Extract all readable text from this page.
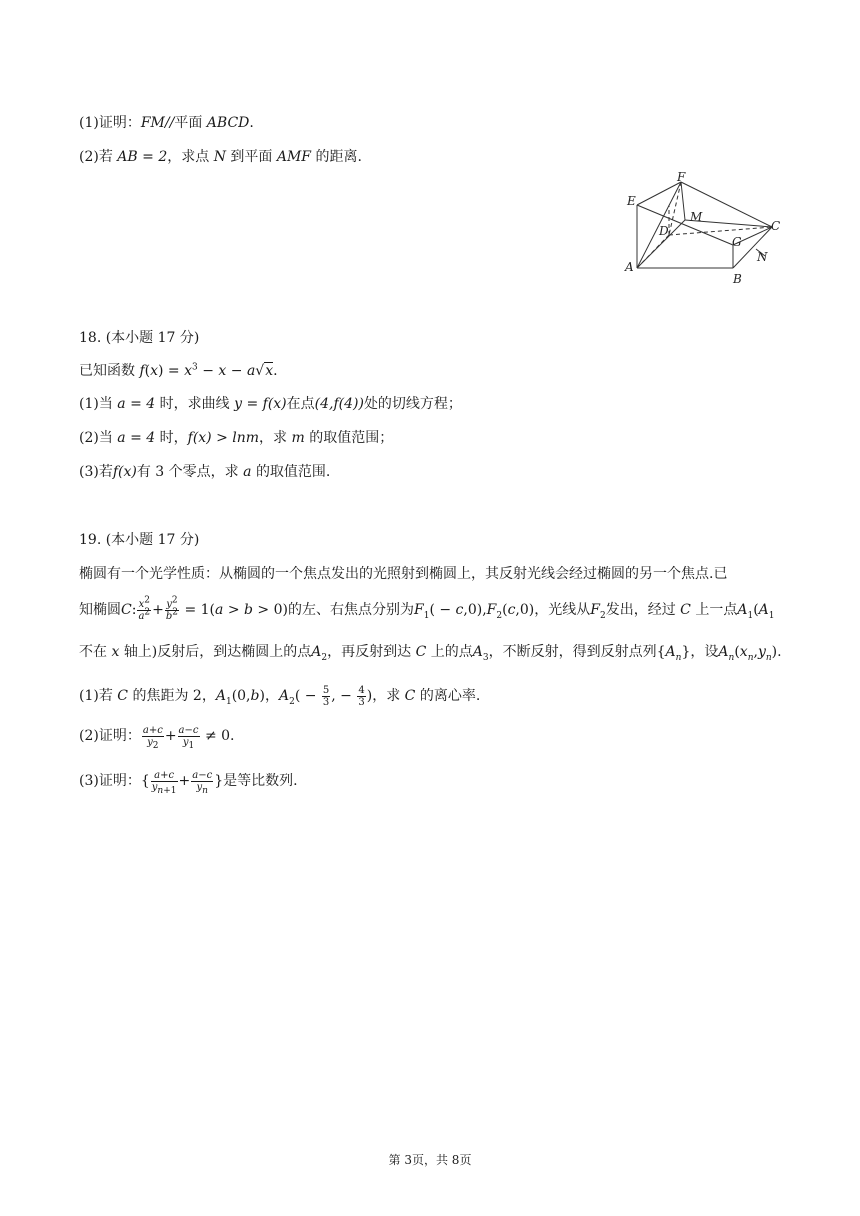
(1)证明：FM//平面 ABCD.
(2)若 AB = 2，求点 N 到平面 AMF 的距离.
E
F
M
D
G
C
A
B
N
18. (本小题 17 分)
已知函数 $f(x) = x^3 - x - a√x$.
(1)当 a = 4 时，求曲线 y = f(x)在点(4,f(4))处的切线方程；
(2)当 a = 4 时，f(x) > lnm，求 m 的取值范围；
(3)若f(x)有 3 个零点，求 a 的取值范围.
19. (本小题 17 分)
椭圆有一个光学性质：从椭圆的一个焦点发出的光照射到椭圆上，其反射光线会经过椭圆的另一个焦点.已
知椭圆C: $\frac{x^2}{a^2} + \frac{y^2}{b^2} = 1(a > b > 0)$的左、右焦点分别为$F_1( - c,0),F_2(c,0)$，光线从$F_2$发出，经过 C 上一点$A_1(A_1$
不在 x 轴上)反射后，到达椭圆上的点$A_2$，再反射到达 C 上的点$A_3$，不断反射，得到反射点列$\{A_n\}$，设$A_n(x_n,y_n)$.
(1)若 C 的焦距为 2，$A_1(0,b)$，$A_2( - \frac{5}{3}$ , − $\frac{4}{3}$ )，求 C 的离心率.
(2)证明： $\frac{a+c}{y_2} + \frac{a-c}{y_1} \ne 0$.
(3)证明：{ $\frac{a+c}{y_{n+1}} + \frac{a-c}{y_n}$ }是等比数列.
第 3页，共 8页
